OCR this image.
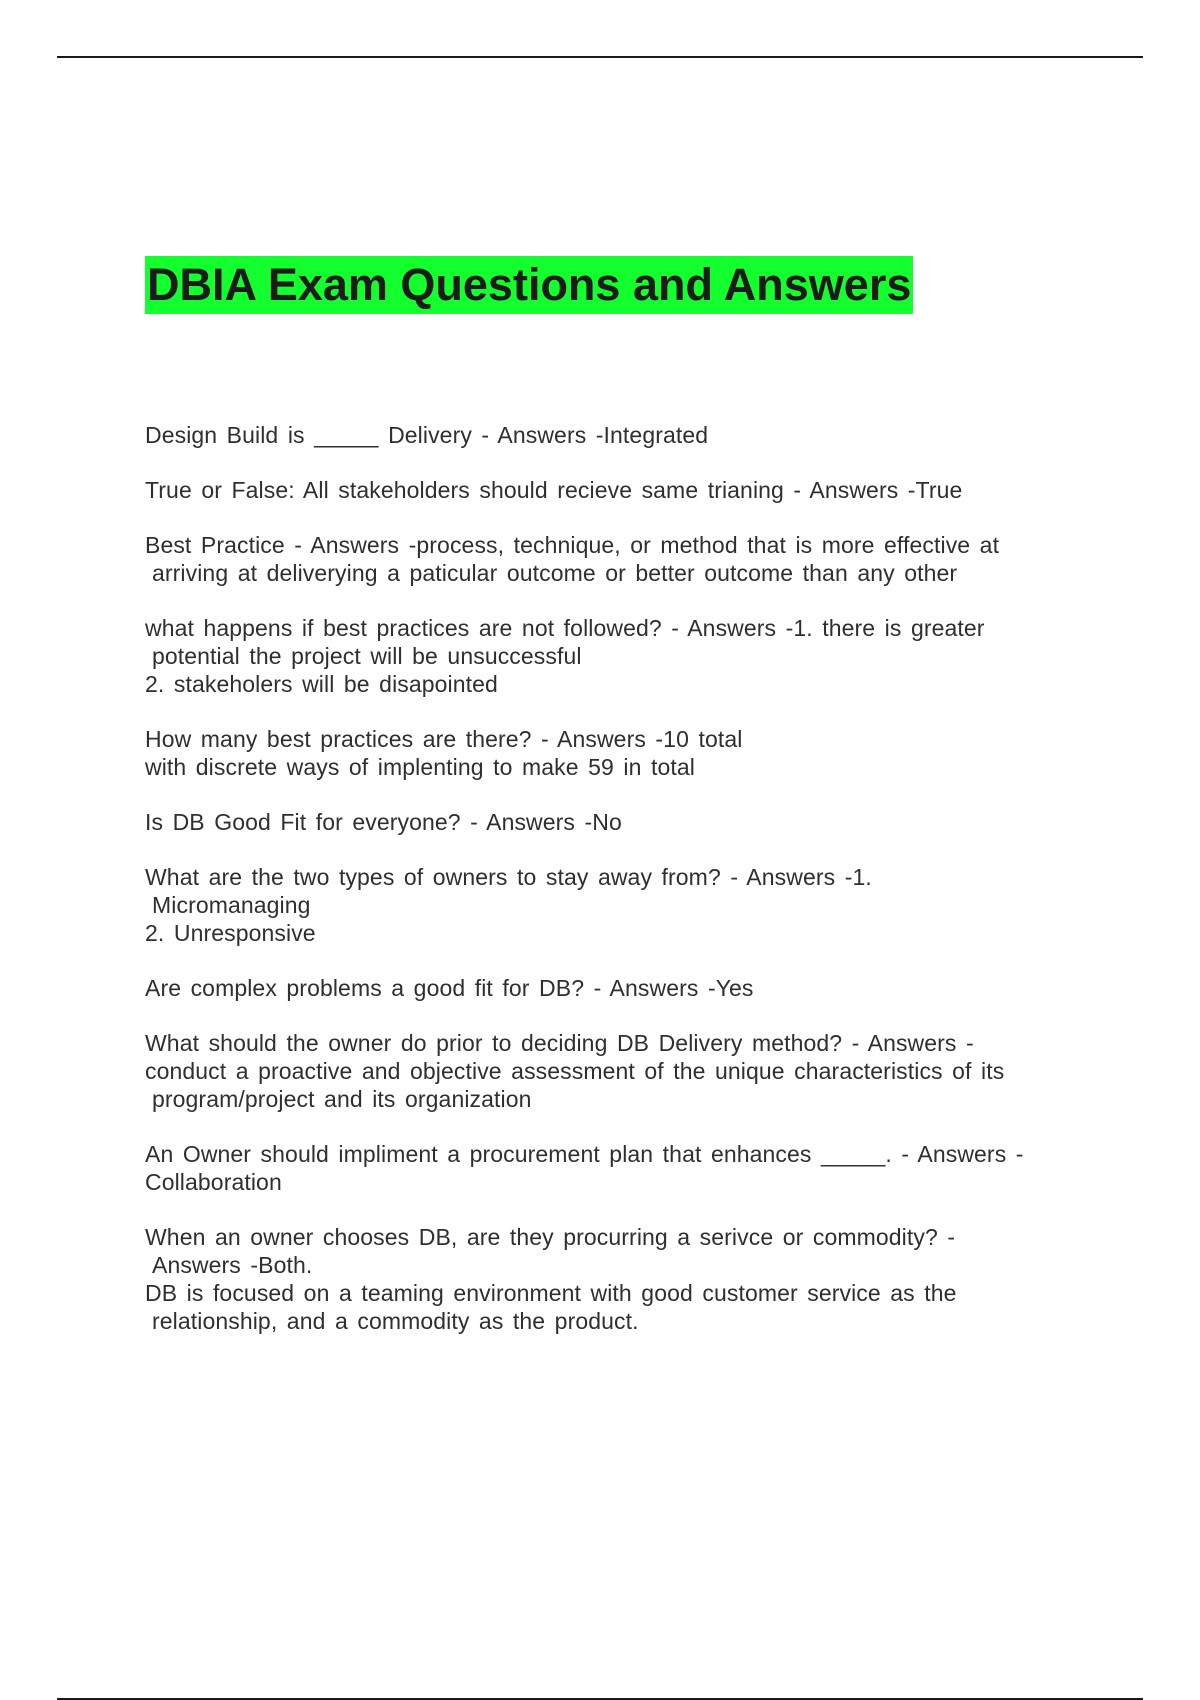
DBIA Exam Questions and Answers

Design Build is _____ Delivery - Answers -Integrated

True or False: All stakeholders should recieve same trianing - Answers -True

Best Practice - Answers -process, technique, or method that is more effective at
arriving at deliverying a paticular outcome or better outcome than any other

what happens if best practices are not followed? - Answers -1. there is greater
potential the project will be unsuccessful
2. stakeholers will be disapointed

How many best practices are there? - Answers -10 total
with discrete ways of implenting to make 59 in total

Is DB Good Fit for everyone? - Answers -No

What are the two types of owners to stay away from? - Answers -1.
Micromanaging
2. Unresponsive

Are complex problems a good fit for DB? - Answers -Yes

What should the owner do prior to deciding DB Delivery method? - Answers -
conduct a proactive and objective assessment of the unique characteristics of its
program/project and its organization

An Owner should impliment a procurement plan that enhances _____. - Answers -
Collaboration

When an owner chooses DB, are they procurring a serivce or commodity? -
Answers -Both.
DB is focused on a teaming environment with good customer service as the
relationship, and a commodity as the product.
